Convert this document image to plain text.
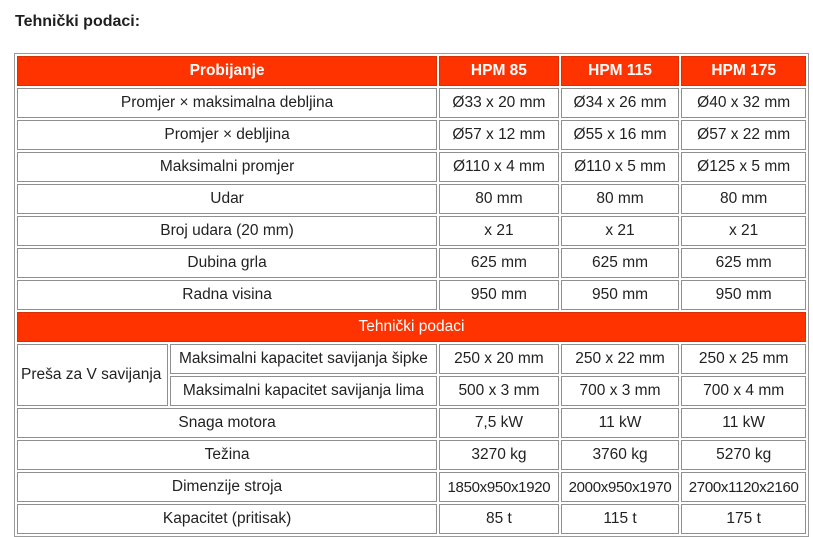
Tehnički podaci:
Probijanje		HPM 85	HPM 115	HPM 175
Promjer × maksimalna debljina		Ø33 x 20 mm	Ø34 x 26 mm	Ø40 x 32 mm
Promjer × debljina		Ø57 x 12 mm	Ø55 x 16 mm	Ø57 x 22 mm
Maksimalni promjer		Ø110 x 4 mm	Ø110 x 5 mm	Ø125 x 5 mm
Udar		80 mm	80 mm	80 mm
Broj udara (20 mm)		x 21	x 21	x 21
Dubina grla		625 mm	625 mm	625 mm
Radna visina		950 mm	950 mm	950 mm
Tehnički podaci				
Preša za V savijanja	Maksimalni kapacitet savijanja šipke	250 x 20 mm	250 x 22 mm	250 x 25 mm
	Maksimalni kapacitet savijanja lima	500 x 3 mm	700 x 3 mm	700 x 4 mm
Snaga motora		7,5 kW	11 kW	11 kW
Težina		3270 kg	3760 kg	5270 kg
Dimenzije stroja		1850x950x1920	2000x950x1970	2700x1120x2160
Kapacitet (pritisak)		85 t	115 t	175 t
